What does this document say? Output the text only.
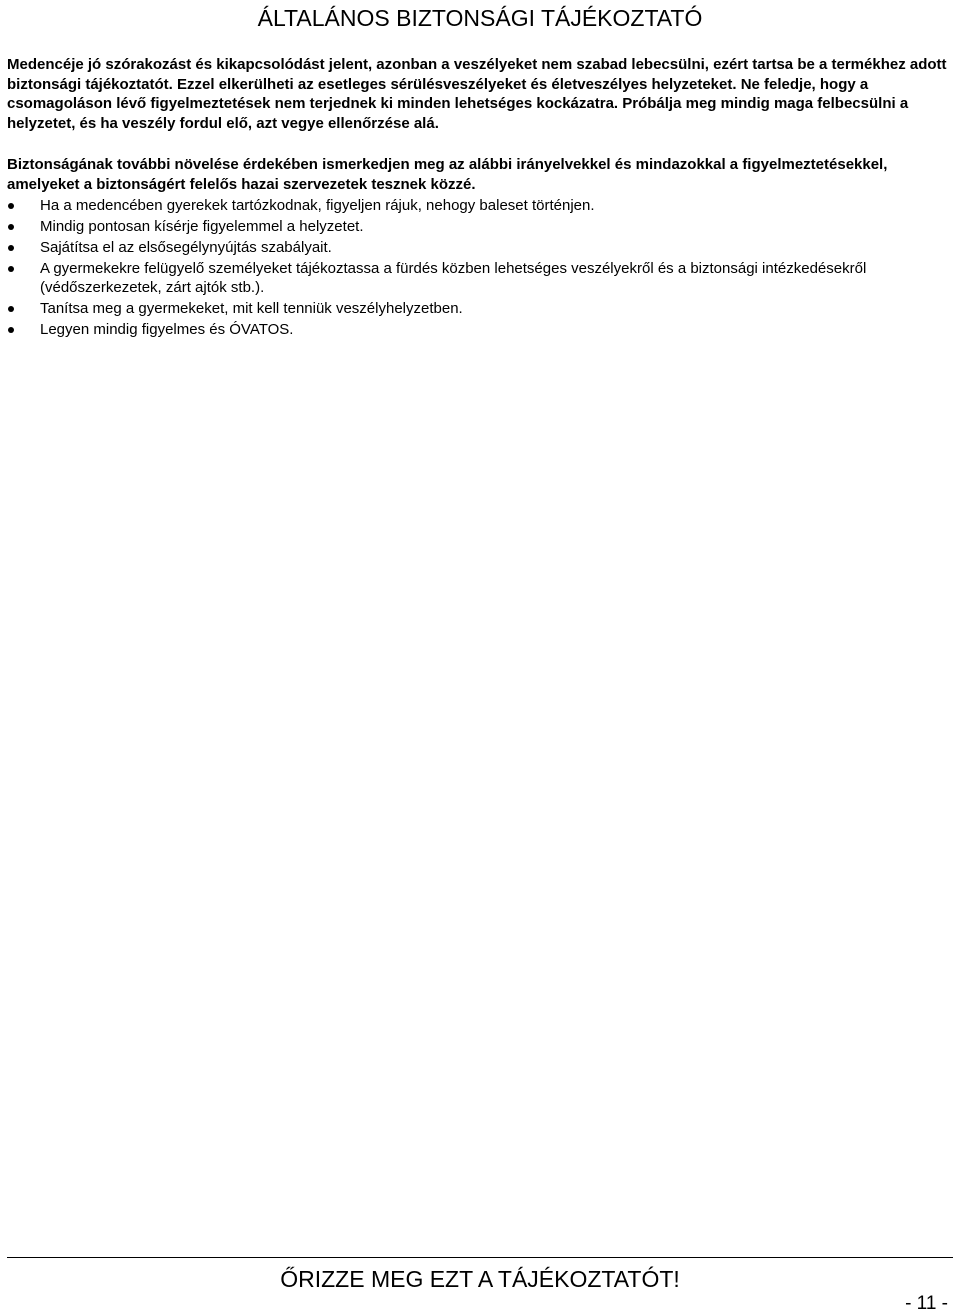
ÁLTALÁNOS BIZTONSÁGI TÁJÉKOZTATÓ

Medencéje jó szórakozást és kikapcsolódást jelent, azonban a veszélyeket nem szabad lebecsülni, ezért tartsa be a termékhez adott biztonsági tájékoztatót. Ezzel elkerülheti az esetleges sérülésveszélyeket és életveszélyes helyzeteket. Ne feledje, hogy a csomagoláson lévő figyelmeztetések nem terjednek ki minden lehetséges kockázatra. Próbálja meg mindig maga felbecsülni a helyzetet, és ha veszély fordul elő, azt vegye ellenőrzése alá.

Biztonságának további növelése érdekében ismerkedjen meg az alábbi irányelvekkel és mindazokkal a figyelmeztetésekkel, amelyeket a biztonságért felelős hazai szervezetek tesznek közzé.

Ha a medencében gyerekek tartózkodnak, figyeljen rájuk, nehogy baleset történjen.
Mindig pontosan kísérje figyelemmel a helyzetet.
Sajátítsa el az elsősegélynyújtás szabályait.
A gyermekekre felügyelő személyeket tájékoztassa a fürdés közben lehetséges veszélyekről és a biztonsági intézkedésekről (védőszerkezetek, zárt ajtók stb.).
Tanítsa meg a gyermekeket, mit kell tenniük veszélyhelyzetben.
Legyen mindig figyelmes és ÓVATOS.
ŐRIZZE MEG EZT A TÁJÉKOZTATÓT!
- 11 -
